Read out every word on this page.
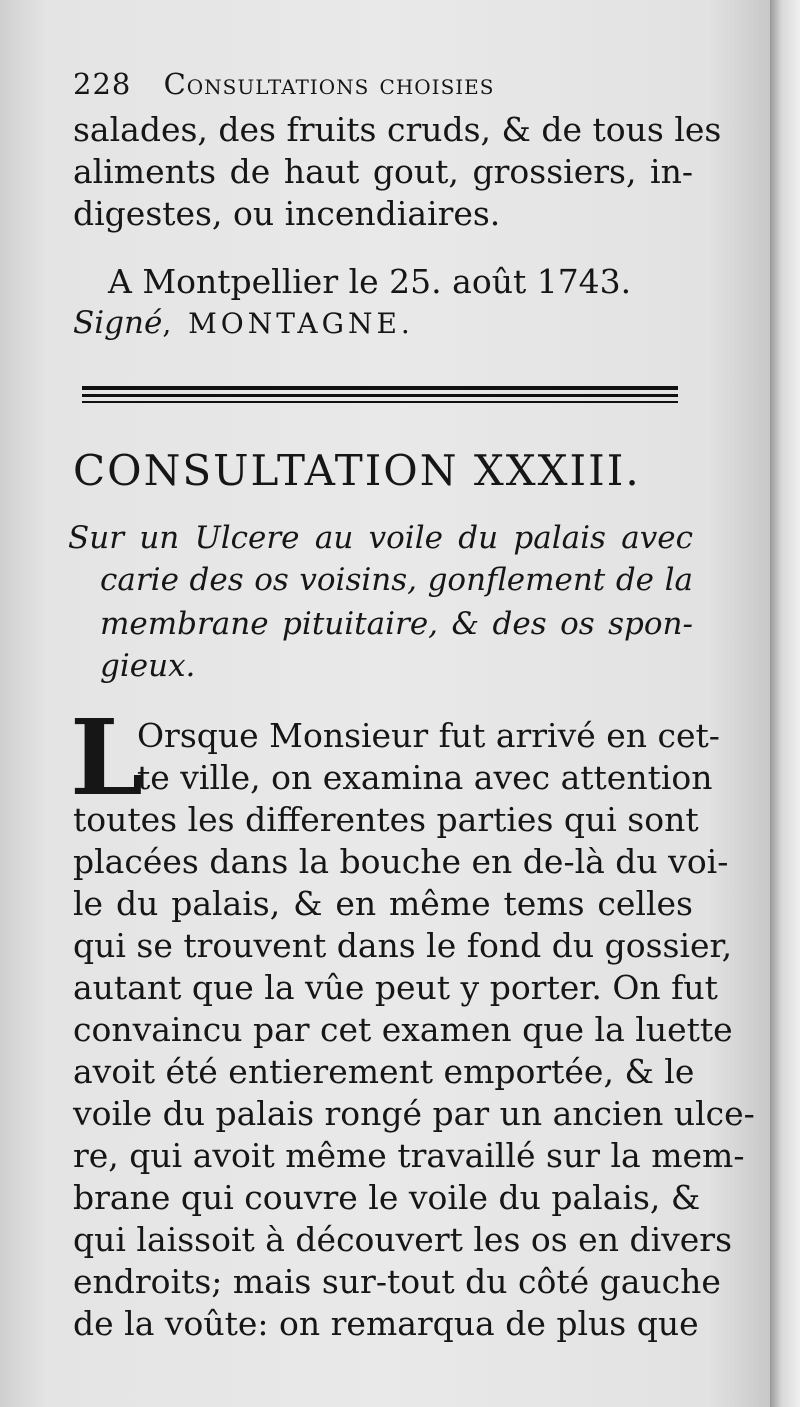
228 Consultations choisies
salades, des fruits cruds, & de tous les
aliments de haut gout, grossiers, in-
digestes, ou incendiaires.
A Montpellier le 25. août 1743.
Signé, MONTAGNE.
CONSULTATION XXXIII.
Sur un Ulcere au voile du palais avec
carie des os voisins, gonflement de la
membrane pituitaire, & des os spon-
gieux.
L
Orsque Monsieur fut arrivé en cet-
te ville, on examina avec attention
toutes les differentes parties qui sont
placées dans la bouche en de-là du voi-
le du palais, & en même tems celles
qui se trouvent dans le fond du gossier,
autant que la vûe peut y porter. On fut
convaincu par cet examen que la luette
avoit été entierement emportée, & le
voile du palais rongé par un ancien ulce-
re, qui avoit même travaillé sur la mem-
brane qui couvre le voile du palais, &
qui laissoit à découvert les os en divers
endroits; mais sur-tout du côté gauche
de la voûte: on remarqua de plus que
